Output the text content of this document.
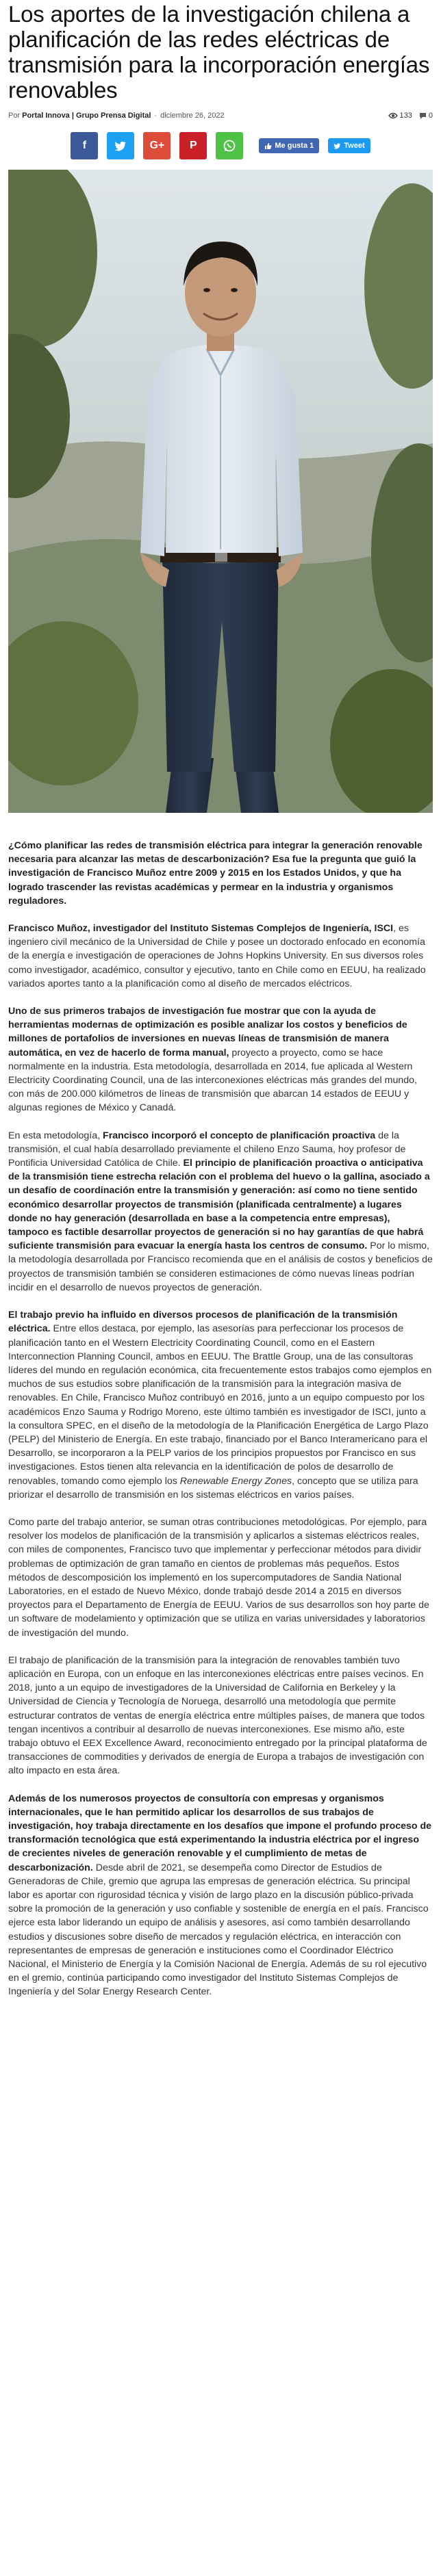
Los aportes de la investigación chilena a planificación de las redes eléctricas de transmisión para la incorporación energías renovables
Por Portal Innova | Grupo Prensa Digital - diciembre 26, 2022	133 0
f	G+ P	Me gusta 1	Tweet

¿Cómo planificar las redes de transmisión eléctrica para integrar la generación renovable necesaria para alcanzar las metas de descarbonización? Esa fue la pregunta que guió la investigación de Francisco Muñoz entre 2009 y 2015 en los Estados Unidos, y que ha logrado trascender las revistas académicas y permear en la industria y organismos reguladores.

Francisco Muñoz, investigador del Instituto Sistemas Complejos de Ingeniería, ISCI, es ingeniero civil mecánico de la Universidad de Chile y posee un doctorado enfocado en economía de la energía e investigación de operaciones de Johns Hopkins University. En sus diversos roles como investigador, académico, consultor y ejecutivo, tanto en Chile como en EEUU, ha realizado variados aportes tanto a la planificación como al diseño de mercados eléctricos.

Uno de sus primeros trabajos de investigación fue mostrar que con la ayuda de herramientas modernas de optimización es posible analizar los costos y beneficios de millones de portafolios de inversiones en nuevas líneas de transmisión de manera automática, en vez de hacerlo de forma manual, proyecto a proyecto, como se hace normalmente en la industria. Esta metodología, desarrollada en 2014, fue aplicada al Western Electricity Coordinating Council, una de las interconexiones eléctricas más grandes del mundo, con más de 200.000 kilómetros de líneas de transmisión que abarcan 14 estados de EEUU y algunas regiones de México y Canadá.

En esta metodología, Francisco incorporó el concepto de planificación proactiva de la transmisión, el cual había desarrollado previamente el chileno Enzo Sauma, hoy profesor de Pontificia Universidad Católica de Chile. El principio de planificación proactiva o anticipativa de la transmisión tiene estrecha relación con el problema del huevo o la gallina, asociado a un desafío de coordinación entre la transmisión y generación: así como no tiene sentido económico desarrollar proyectos de transmisión (planificada centralmente) a lugares donde no hay generación (desarrollada en base a la competencia entre empresas), tampoco es factible desarrollar proyectos de generación si no hay garantías de que habrá suficiente transmisión para evacuar la energía hasta los centros de consumo. Por lo mismo, la metodología desarrollada por Francisco recomienda que en el análisis de costos y beneficios de proyectos de transmisión también se consideren estimaciones de cómo nuevas líneas podrían incidir en el desarrollo de nuevos proyectos de generación.

El trabajo previo ha influido en diversos procesos de planificación de la transmisión eléctrica. Entre ellos destaca, por ejemplo, las asesorías para perfeccionar los procesos de planificación tanto en el Western Electricity Coordinating Council, como en el Eastern Interconnection Planning Council, ambos en EEUU. The Brattle Group, una de las consultoras líderes del mundo en regulación económica, cita frecuentemente estos trabajos como ejemplos en muchos de sus estudios sobre planificación de la transmisión para la integración masiva de renovables. En Chile, Francisco Muñoz contribuyó en 2016, junto a un equipo compuesto por los académicos Enzo Sauma y Rodrigo Moreno, este último también es investigador de ISCI, junto a la consultora SPEC, en el diseño de la metodología de la Planificación Energética de Largo Plazo (PELP) del Ministerio de Energía. En este trabajo, financiado por el Banco Interamericano para el Desarrollo, se incorporaron a la PELP varios de los principios propuestos por Francisco en sus investigaciones. Estos tienen alta relevancia en la identificación de polos de desarrollo de renovables, tomando como ejemplo los Renewable Energy Zones, concepto que se utiliza para priorizar el desarrollo de transmisión en los sistemas eléctricos en varios países.

Como parte del trabajo anterior, se suman otras contribuciones metodológicas. Por ejemplo, para resolver los modelos de planificación de la transmisión y aplicarlos a sistemas eléctricos reales, con miles de componentes, Francisco tuvo que implementar y perfeccionar métodos para dividir problemas de optimización de gran tamaño en cientos de problemas más pequeños. Estos métodos de descomposición los implementó en los supercomputadores de Sandia National Laboratories, en el estado de Nuevo México, donde trabajó desde 2014 a 2015 en diversos proyectos para el Departamento de Energía de EEUU. Varios de sus desarrollos son hoy parte de un software de modelamiento y optimización que se utiliza en varias universidades y laboratorios de investigación del mundo.

El trabajo de planificación de la transmisión para la integración de renovables también tuvo aplicación en Europa, con un enfoque en las interconexiones eléctricas entre países vecinos. En 2018, junto a un equipo de investigadores de la Universidad de California en Berkeley y la Universidad de Ciencia y Tecnología de Noruega, desarrolló una metodología que permite estructurar contratos de ventas de energía eléctrica entre múltiples países, de manera que todos tengan incentivos a contribuir al desarrollo de nuevas interconexiones. Ese mismo año, este trabajo obtuvo el EEX Excellence Award, reconocimiento entregado por la principal plataforma de transacciones de commodities y derivados de energía de Europa a trabajos de investigación con alto impacto en esta área.

Además de los numerosos proyectos de consultoría con empresas y organismos internacionales, que le han permitido aplicar los desarrollos de sus trabajos de investigación, hoy trabaja directamente en los desafíos que impone el profundo proceso de transformación tecnológica que está experimentando la industria eléctrica por el ingreso de crecientes niveles de generación renovable y el cumplimiento de metas de descarbonización. Desde abril de 2021, se desempeña como Director de Estudios de Generadoras de Chile, gremio que agrupa las empresas de generación eléctrica. Su principal labor es aportar con rigurosidad técnica y visión de largo plazo en la discusión público-privada sobre la promoción de la generación y uso confiable y sostenible de energía en el país. Francisco ejerce esta labor liderando un equipo de análisis y asesores, así como también desarrollando estudios y discusiones sobre diseño de mercados y regulación eléctrica, en interacción con representantes de empresas de generación e instituciones como el Coordinador Eléctrico Nacional, el Ministerio de Energía y la Comisión Nacional de Energía. Además de su rol ejecutivo en el gremio, continúa participando como investigador del Instituto Sistemas Complejos de Ingeniería y del Solar Energy Research Center.
